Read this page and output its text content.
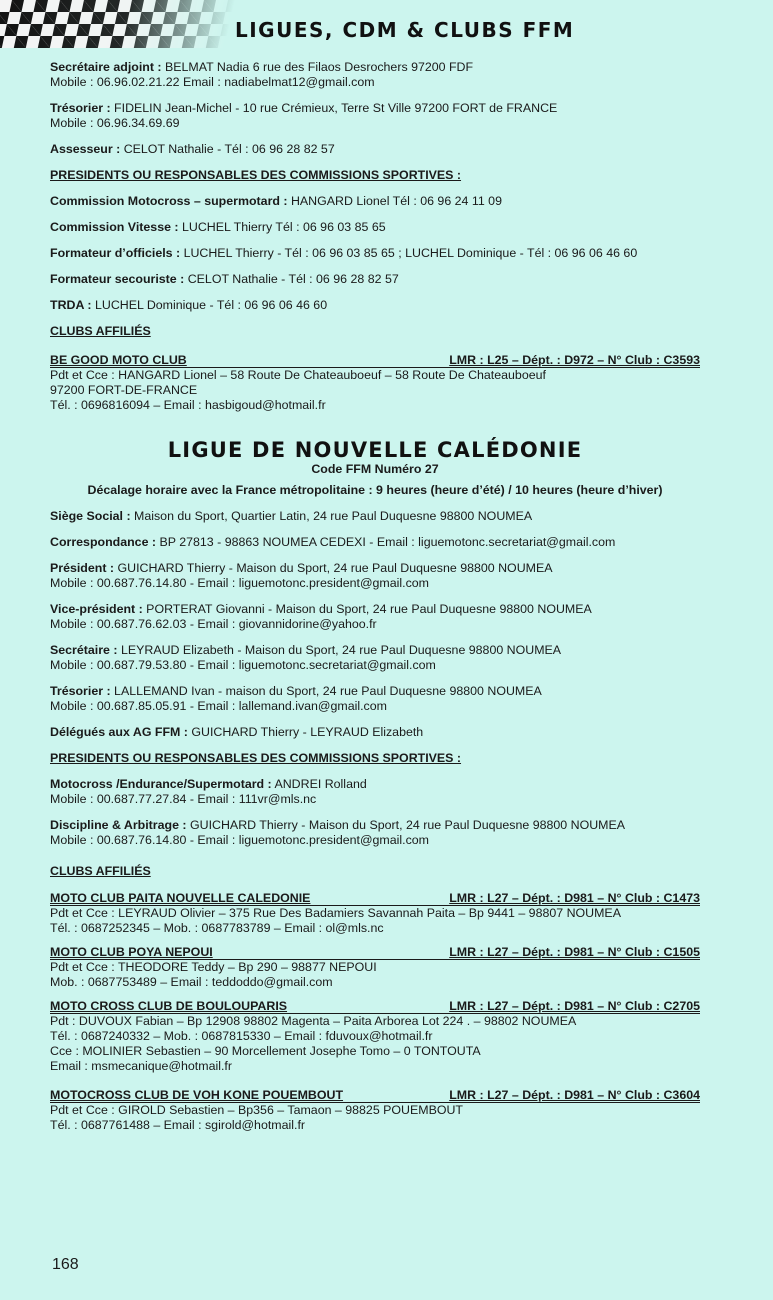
LIGUES, CDM & CLUBS FFM

Secrétaire adjoint : BELMAT Nadia 6 rue des Filaos Desrochers 97200 FDF
Mobile : 06.96.02.21.22 Email : nadiabelmat12@gmail.com

Trésorier : FIDELIN Jean-Michel - 10 rue Crémieux, Terre St Ville 97200 FORT de FRANCE
Mobile : 06.96.34.69.69

Assesseur : CELOT Nathalie - Tél : 06 96 28 82 57

PRESIDENTS OU RESPONSABLES DES COMMISSIONS SPORTIVES :

Commission Motocross – supermotard : HANGARD Lionel Tél : 06 96 24 11 09

Commission Vitesse : LUCHEL Thierry Tél : 06 96 03 85 65

Formateur d’officiels : LUCHEL Thierry - Tél : 06 96 03 85 65 ; LUCHEL Dominique - Tél : 06 96 06 46 60

Formateur secouriste : CELOT Nathalie - Tél : 06 96 28 82 57

TRDA : LUCHEL Dominique - Tél : 06 96 06 46 60

CLUBS AFFILIÉS

BE GOOD MOTO CLUB	LMR : L25 – Dépt. : D972 – N° Club : C3593
Pdt et Cce : HANGARD Lionel – 58 Route De Chateauboeuf – 58 Route De Chateauboeuf
97200 FORT-DE-FRANCE
Tél. : 0696816094 – Email : hasbigoud@hotmail.fr
LIGUE DE NOUVELLE CALÉDONIE

Code FFM Numéro 27

Décalage horaire avec la France métropolitaine : 9 heures (heure d’été) / 10 heures (heure d’hiver)

Siège Social : Maison du Sport, Quartier Latin, 24 rue Paul Duquesne 98800 NOUMEA

Correspondance : BP 27813 - 98863 NOUMEA CEDEXI - Email : liguemotonc.secretariat@gmail.com

Président : GUICHARD Thierry - Maison du Sport, 24 rue Paul Duquesne 98800 NOUMEA
Mobile : 00.687.76.14.80 - Email : liguemotonc.president@gmail.com

Vice-président : PORTERAT Giovanni - Maison du Sport, 24 rue Paul Duquesne 98800 NOUMEA
Mobile : 00.687.76.62.03 - Email : giovannidorine@yahoo.fr

Secrétaire : LEYRAUD Elizabeth - Maison du Sport, 24 rue Paul Duquesne 98800 NOUMEA
Mobile : 00.687.79.53.80 - Email : liguemotonc.secretariat@gmail.com

Trésorier : LALLEMAND Ivan - maison du Sport, 24 rue Paul Duquesne 98800 NOUMEA
Mobile : 00.687.85.05.91 - Email : lallemand.ivan@gmail.com

Délégués aux AG FFM : GUICHARD Thierry - LEYRAUD Elizabeth

PRESIDENTS OU RESPONSABLES DES COMMISSIONS SPORTIVES :

Motocross /Endurance/Supermotard : ANDREI Rolland
Mobile : 00.687.77.27.84 - Email : 111vr@mls.nc

Discipline & Arbitrage : GUICHARD Thierry - Maison du Sport, 24 rue Paul Duquesne 98800 NOUMEA
Mobile : 00.687.76.14.80 - Email : liguemotonc.president@gmail.com

CLUBS AFFILIÉS

MOTO CLUB PAITA NOUVELLE CALEDONIE	LMR : L27 – Dépt. : D981 – N° Club : C1473
Pdt et Cce : LEYRAUD Olivier – 375 Rue Des Badamiers Savannah Paita – Bp 9441 – 98807 NOUMEA
Tél. : 0687252345 – Mob. : 0687783789 – Email : ol@mls.nc
MOTO CLUB POYA NEPOUI	LMR : L27 – Dépt. : D981 – N° Club : C1505
Pdt et Cce : THEODORE Teddy – Bp 290 – 98877 NEPOUI
Mob. : 0687753489 – Email : teddoddo@gmail.com
MOTO CROSS CLUB DE BOULOUPARIS	LMR : L27 – Dépt. : D981 – N° Club : C2705
Pdt : DUVOUX Fabian – Bp 12908 98802 Magenta – Paita Arborea Lot 224 . – 98802 NOUMEA
Tél. : 0687240332 – Mob. : 0687815330 – Email : fduvoux@hotmail.fr
Cce : MOLINIER Sebastien – 90 Morcellement Josephe Tomo – 0 TONTOUTA
Email : msmecanique@hotmail.fr
MOTOCROSS CLUB DE VOH KONE POUEMBOUT	LMR : L27 – Dépt. : D981 – N° Club : C3604
Pdt et Cce : GIROLD Sebastien – Bp356 – Tamaon – 98825 POUEMBOUT
Tél. : 0687761488 – Email : sgirold@hotmail.fr
168
